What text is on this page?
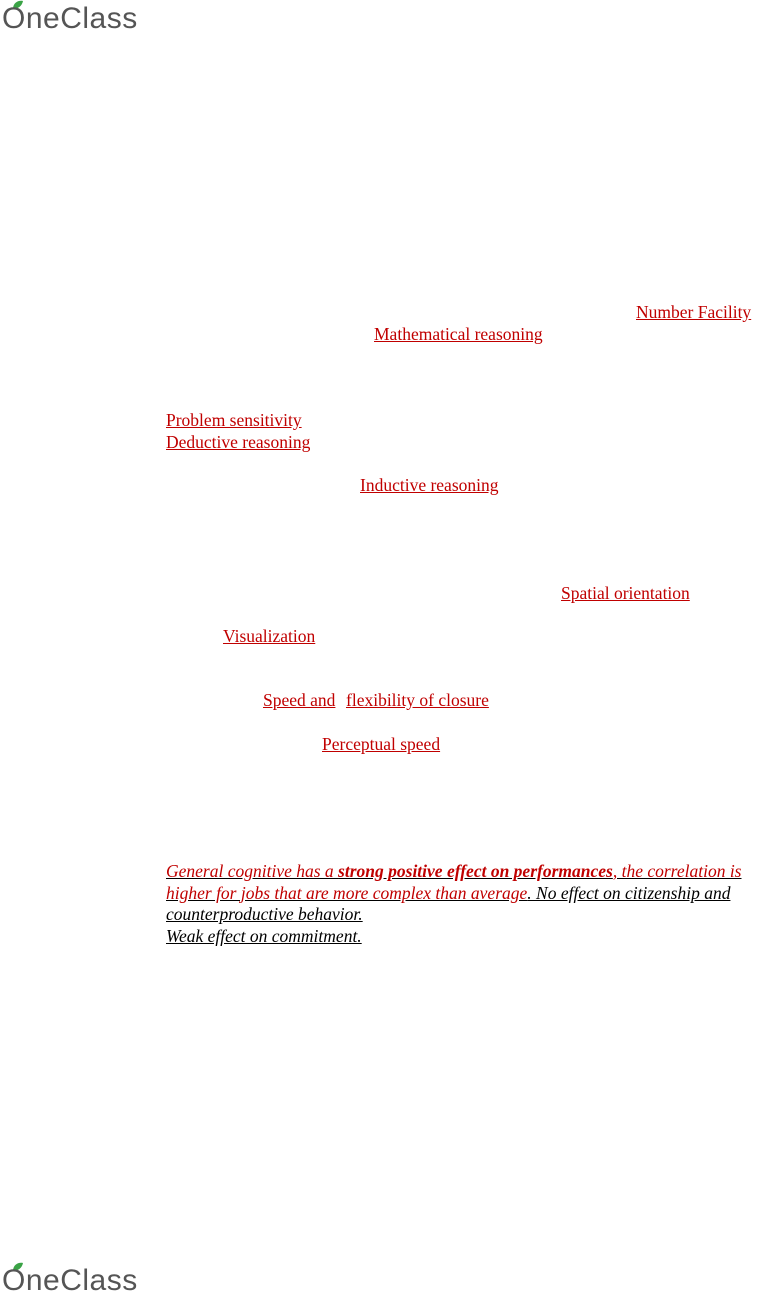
OneClass
Number Facility
Mathematical reasoning
Problem sensitivity
Deductive reasoning
Inductive reasoning
Spatial orientation
Visualization
Speed and flexibility of closure
Perceptual speed
General cognitive has a strong positive effect on performances, the correlation is
higher for jobs that are more complex than average. No effect on citizenship and
counterproductive behavior.
Weak effect on commitment.
OneClass
